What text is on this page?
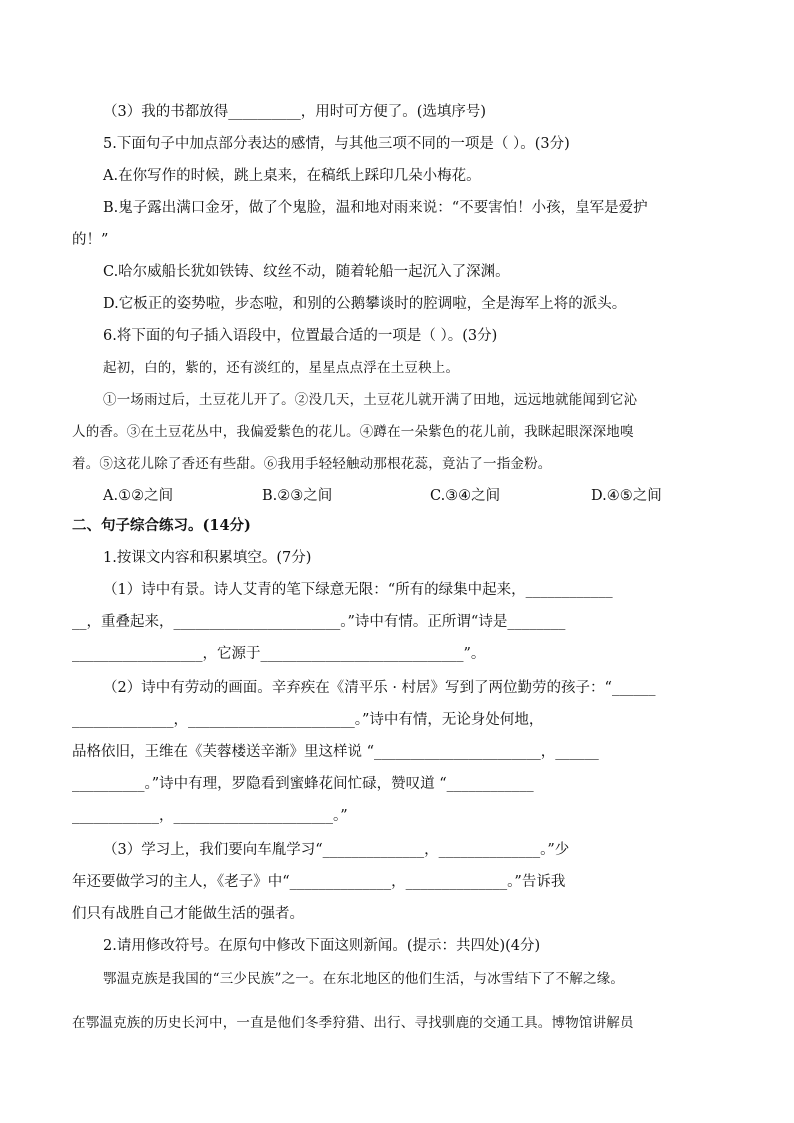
（3）我的书都放得__________，用时可方便了。(选填序号)
5.下面句子中加点部分表达的感情，与其他三项不同的一项是（ ）。(3分)
A.在你写作的时候，跳上桌来，在稿纸上踩印几朵小梅花。
B.鬼子露出满口金牙，做了个鬼脸，温和地对雨来说：“不要害怕！小孩，皇军是爱护
的！”
C.哈尔威船长犹如铁铸、纹丝不动，随着轮船一起沉入了深渊。
D.它板正的姿势啦，步态啦，和别的公鹅攀谈时的腔调啦，全是海军上将的派头。
6.将下面的句子插入语段中，位置最合适的一项是（ ）。(3分)
起初，白的，紫的，还有淡红的，星星点点浮在土豆秧上。
①一场雨过后，土豆花儿开了。②没几天，土豆花儿就开满了田地，远远地就能闻到它沁
人的香。③在土豆花丛中，我偏爱紫色的花儿。④蹲在一朵紫色的花儿前，我眯起眼深深地嗅
着。⑤这花儿除了香还有些甜。⑥我用手轻轻触动那根花蕊，竟沾了一指金粉。
A.①②之间	B.②③之间	C.③④之间	D.④⑤之间
二、句子综合练习。(14分)
1.按课文内容和积累填空。(7分)
（1）诗中有景。诗人艾青的笔下绿意无限：“所有的绿集中起来，____________
__，重叠起来，_______________________。”诗中有情。正所谓“诗是________
__________________，它源于____________________________”。
（2）诗中有劳动的画面。辛弃疾在《清平乐 · 村居》写到了两位勤劳的孩子：“______
______________，_______________________。”诗中有情，无论身处何地，
品格依旧，王维在《芙蓉楼送辛渐》里这样说 “_______________________，______
__________。”诗中有理，罗隐看到蜜蜂花间忙碌，赞叹道 “____________
____________，______________________。”
（3）学习上，我们要向车胤学习“______________，______________。”少
年还要做学习的主人，《老子》中“______________，______________。”告诉我
们只有战胜自己才能做生活的强者。
2.请用修改符号。在原句中修改下面这则新闻。(提示：共四处)(4分)
鄂温克族是我国的“三少民族”之一。在东北地区的他们生活，与冰雪结下了不解之缘。
在鄂温克族的历史长河中，一直是他们冬季狩猎、出行、寻找驯鹿的交通工具。博物馆讲解员
